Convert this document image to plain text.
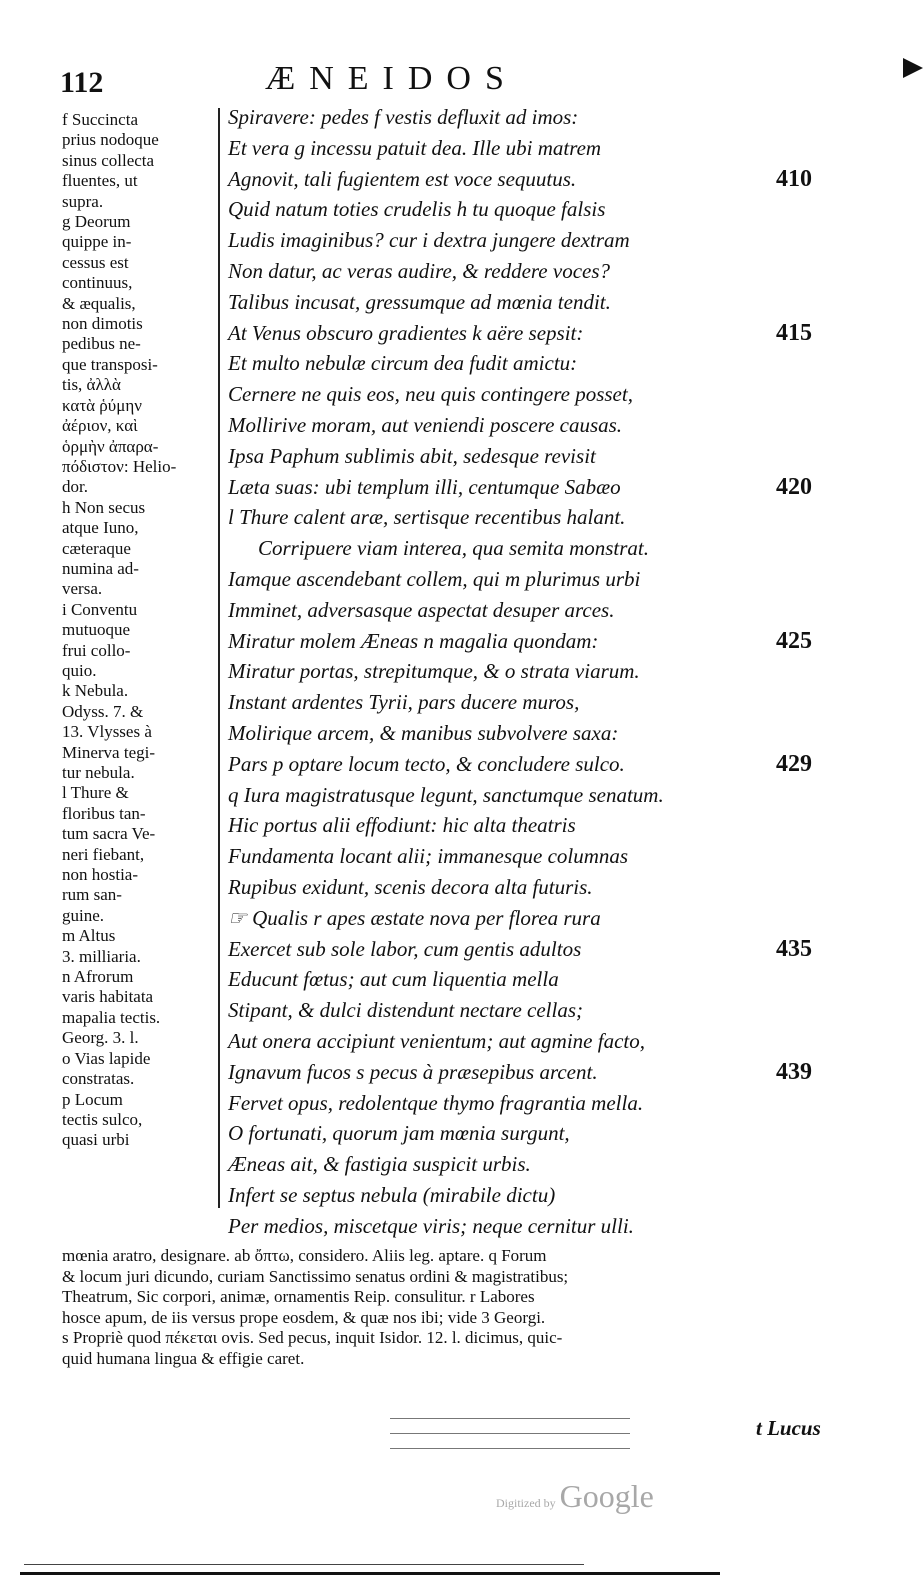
112	ÆNEIDOS
f Succincta
prius nodoque
sinus collecta
fluentes, ut
supra.
g Deorum
quippe in-
cessus est
continuus,
& æqualis,
non dimotis
pedibus ne-
que transposi-
tis, ἀλλὰ
κατὰ ῥύμην
ἀέριον, καὶ
ὁρμὴν ἀπαρα-
πόδιστον: Helio-
dor.
h Non secus
atque Iuno,
cæteraque
numina ad-
versa.
i Conventu
mutuoque
frui collo-
quio.
k Nebula.
Odyss. 7. &
13. Vlysses à
Minerva tegi-
tur nebula.
l Thure &
floribus tan-
tum sacra Ve-
neri fiebant,
non hostia-
rum san-
guine.
m Altus
3. milliaria.
n Afrorum
varis habitata
mapalia tectis.
Georg. 3. l.
o Vias lapide
constratas.
p Locum
tectis sulco,
quasi urbi
Spiravere: pedes f vestis defluxit ad imos:
Et vera g incessu patuit dea. Ille ubi matrem
Agnovit, tali fugientem est voce sequutus.	410
Quid natum toties crudelis h tu quoque falsis
Ludis imaginibus? cur i dextra jungere dextram
Non datur, ac veras audire, & reddere voces?
Talibus incusat, gressumque ad mœnia tendit.
At Venus obscuro gradientes k aëre sepsit:	415
Et multo nebulæ circum dea fudit amictu:
Cernere ne quis eos, neu quis contingere posset,
Mollirive moram, aut veniendi poscere causas.
Ipsa Paphum sublimis abit, sedesque revisit
Læta suas: ubi templum illi, centumque Sabæo	420
l Thure calent aræ, sertisque recentibus halant.
Corripuere viam interea, qua semita monstrat.
Iamque ascendebant collem, qui m plurimus urbi
Imminet, adversasque aspectat desuper arces.
Miratur molem Æneas n magalia quondam:	425
Miratur portas, strepitumque, & o strata viarum.
Instant ardentes Tyrii, pars ducere muros,
Molirique arcem, & manibus subvolvere saxa:
Pars p optare locum tecto, & concludere sulco.	429
q Iura magistratusque legunt, sanctumque senatum.
Hic portus alii effodiunt: hic alta theatris
Fundamenta locant alii; immanesque columnas
Rupibus exidunt, scenis decora alta futuris.
☞ Qualis r apes æstate nova per florea rura
Exercet sub sole labor, cum gentis adultos	435
Educunt fœtus; aut cum liquentia mella
Stipant, & dulci distendunt nectare cellas;
Aut onera accipiunt venientum; aut agmine facto,
Ignavum fucos s pecus à præsepibus arcent.	439
Fervet opus, redolentque thymo fragrantia mella.
O fortunati, quorum jam mœnia surgunt,
Æneas ait, & fastigia suspicit urbis.
Infert se septus nebula (mirabile dictu)
Per medios, miscetque viris; neque cernitur ulli.
mœnia aratro, designare. ab ὄπτω, considero. Aliis leg. aptare. q Forum
& locum juri dicundo, curiam Sanctissimo senatus ordini & magistratibus;
Theatrum, Sic corpori, animæ, ornamentis Reip. consulitur. r Labores
hosce apum, de iis versus prope eosdem, & quæ nos ibi; vide 3 Georgi.
s Propriè quod πέκεται ovis. Sed pecus, inquit Isidor. 12. l. dicimus, quic-
quid humana lingua & effigie caret.
t Lucus
Digitized by Google
